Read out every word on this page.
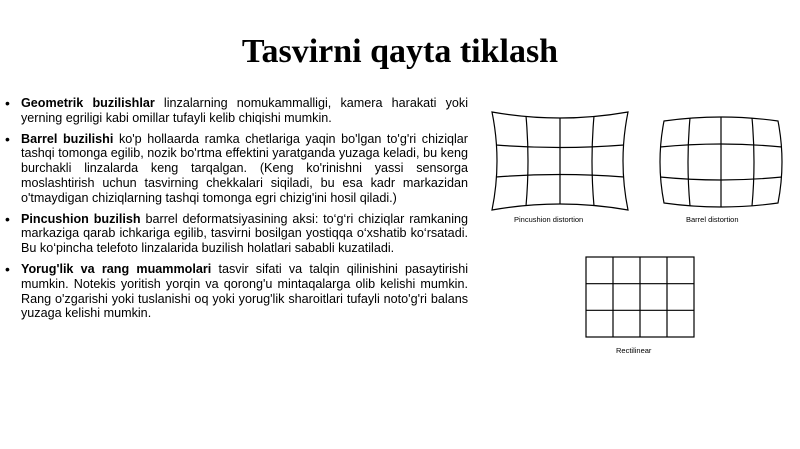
Tasvirni qayta tiklash
• Geometrik buzilishlar linzalarning nomukammalligi, kamera harakati yoki yerning egriligi kabi omillar tufayli kelib chiqishi mumkin.
• Barrel buzilishi ko'p hollaarda ramka chetlariga yaqin bo'lgan to'g'ri chiziqlar tashqi tomonga egilib, nozik bo'rtma effektini yaratganda yuzaga keladi, bu keng burchakli linzalarda keng tarqalgan. (Keng ko'rinishni yassi sensorga moslashtirish uchun tasvirning chekkalari siqiladi, bu esa kadr markazidan o'tmaydigan chiziqlarning tashqi tomonga egri chizig'ini hosil qiladi.)
• Pincushion buzilish barrel deformatsiyasining aksi: to‘g‘ri chiziqlar ramkaning markaziga qarab ichkariga egilib, tasvirni bosilgan yostiqqa o‘xshatib ko‘rsatadi. Bu ko‘pincha telefoto linzalarida buzilish holatlari sababli kuzatiladi.
• Yorug'lik va rang muammolari tasvir sifati va talqin qilinishini pasaytirishi mumkin. Notekis yoritish yorqin va qorong'u mintaqalarga olib kelishi mumkin. Rang o'zgarishi yoki tuslanishi oq yoki yorug'lik sharoitlari tufayli noto'g'ri balans yuzaga kelishi mumkin.
Pincushion distortion	Barrel distortion
Rectilinear
